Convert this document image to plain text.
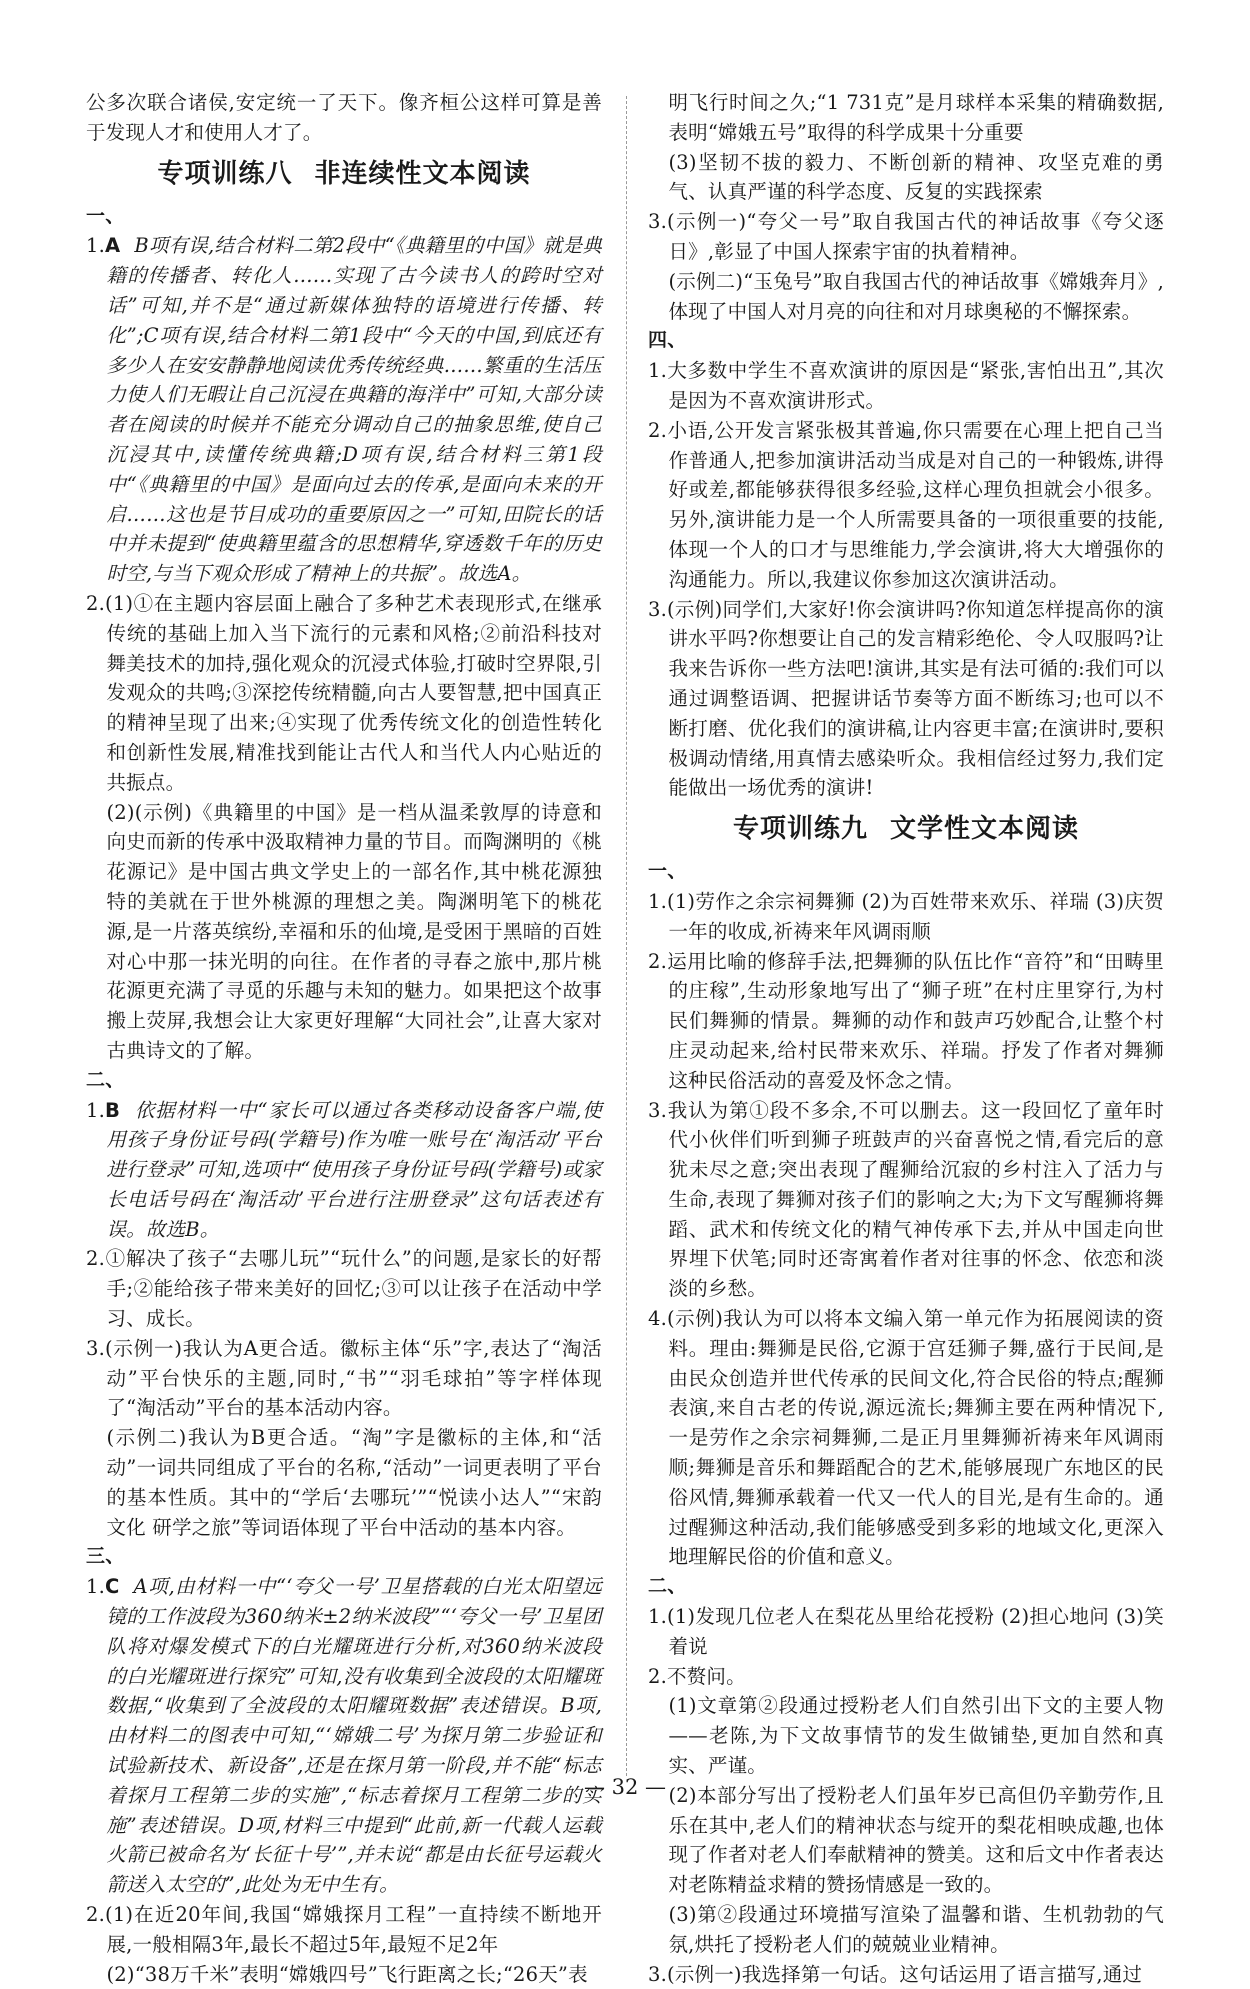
公多次联合诸侯,安定统一了天下。像齐桓公这样可算是善于发现人才和使用人才了。

专项训练八 非连续性文本阅读

一、

1.A B项有误,结合材料二第2段中“《典籍里的中国》就是典籍的传播者、转化人……实现了古今读书人的跨时空对话”可知,并不是“通过新媒体独特的语境进行传播、转化”;C项有误,结合材料二第1段中“今天的中国,到底还有多少人在安安静静地阅读优秀传统经典……繁重的生活压力使人们无暇让自己沉浸在典籍的海洋中”可知,大部分读者在阅读的时候并不能充分调动自己的抽象思维,使自己沉浸其中,读懂传统典籍;D项有误,结合材料三第1段中“《典籍里的中国》是面向过去的传承,是面向未来的开启……这也是节目成功的重要原因之一”可知,田院长的话中并未提到“使典籍里蕴含的思想精华,穿透数千年的历史时空,与当下观众形成了精神上的共振”。故选A。

2.(1)①在主题内容层面上融合了多种艺术表现形式,在继承传统的基础上加入当下流行的元素和风格;②前沿科技对舞美技术的加持,强化观众的沉浸式体验,打破时空界限,引发观众的共鸣;③深挖传统精髓,向古人要智慧,把中国真正的精神呈现了出来;④实现了优秀传统文化的创造性转化和创新性发展,精准找到能让古代人和当代人内心贴近的共振点。

(2)(示例)《典籍里的中国》是一档从温柔敦厚的诗意和向史而新的传承中汲取精神力量的节目。而陶渊明的《桃花源记》是中国古典文学史上的一部名作,其中桃花源独特的美就在于世外桃源的理想之美。陶渊明笔下的桃花源,是一片落英缤纷,幸福和乐的仙境,是受困于黑暗的百姓对心中那一抹光明的向往。在作者的寻春之旅中,那片桃花源更充满了寻觅的乐趣与未知的魅力。如果把这个故事搬上荧屏,我想会让大家更好理解“大同社会”,让喜大家对古典诗文的了解。

二、

1.B 依据材料一中“家长可以通过各类移动设备客户端,使用孩子身份证号码(学籍号)作为唯一账号在‘淘活动’平台进行登录”可知,选项中“使用孩子身份证号码(学籍号)或家长电话号码在‘淘活动’平台进行注册登录”这句话表述有误。故选B。

2.①解决了孩子“去哪儿玩”“玩什么”的问题,是家长的好帮手;②能给孩子带来美好的回忆;③可以让孩子在活动中学习、成长。

3.(示例一)我认为A更合适。徽标主体“乐”字,表达了“淘活动”平台快乐的主题,同时,“书”“羽毛球拍”等字样体现了“淘活动”平台的基本活动内容。

(示例二)我认为B更合适。“淘”字是徽标的主体,和“活动”一词共同组成了平台的名称,“活动”一词更表明了平台的基本性质。其中的“学后‘去哪玩’”“悦读小达人”“宋韵文化 研学之旅”等词语体现了平台中活动的基本内容。

三、

1.C A项,由材料一中“‘夸父一号’卫星搭载的白光太阳望远镜的工作波段为360纳米±2纳米波段”“‘夸父一号’卫星团队将对爆发模式下的白光耀斑进行分析,对360纳米波段的白光耀斑进行探究”可知,没有收集到全波段的太阳耀斑数据,“收集到了全波段的太阳耀斑数据”表述错误。B项,由材料二的图表中可知,“‘嫦娥二号’为探月第二步验证和试验新技术、新设备”,还是在探月第一阶段,并不能“标志着探月工程第二步的实施”,“标志着探月工程第二步的实施”表述错误。D项,材料三中提到“此前,新一代载人运载火箭已被命名为‘长征十号’”,并未说“都是由长征号运载火箭送入太空的”,此处为无中生有。

2.(1)在近20年间,我国“嫦娥探月工程”一直持续不断地开展,一般相隔3年,最长不超过5年,最短不足2年

(2)“38万千米”表明“嫦娥四号”飞行距离之长;“26天”表

明飞行时间之久;“1 731克”是月球样本采集的精确数据,表明“嫦娥五号”取得的科学成果十分重要

(3)坚韧不拔的毅力、不断创新的精神、攻坚克难的勇气、认真严谨的科学态度、反复的实践探索

3.(示例一)“夸父一号”取自我国古代的神话故事《夸父逐日》,彰显了中国人探索宇宙的执着精神。

(示例二)“玉兔号”取自我国古代的神话故事《嫦娥奔月》,体现了中国人对月亮的向往和对月球奥秘的不懈探索。

四、

1.大多数中学生不喜欢演讲的原因是“紧张,害怕出丑”,其次是因为不喜欢演讲形式。

2.小语,公开发言紧张极其普遍,你只需要在心理上把自己当作普通人,把参加演讲活动当成是对自己的一种锻炼,讲得好或差,都能够获得很多经验,这样心理负担就会小很多。另外,演讲能力是一个人所需要具备的一项很重要的技能,体现一个人的口才与思维能力,学会演讲,将大大增强你的沟通能力。所以,我建议你参加这次演讲活动。

3.(示例)同学们,大家好!你会演讲吗?你知道怎样提高你的演讲水平吗?你想要让自己的发言精彩绝伦、令人叹服吗?让我来告诉你一些方法吧!演讲,其实是有法可循的:我们可以通过调整语调、把握讲话节奏等方面不断练习;也可以不断打磨、优化我们的演讲稿,让内容更丰富;在演讲时,要积极调动情绪,用真情去感染听众。我相信经过努力,我们定能做出一场优秀的演讲!

专项训练九 文学性文本阅读

一、

1.(1)劳作之余宗祠舞狮 (2)为百姓带来欢乐、祥瑞 (3)庆贺一年的收成,祈祷来年风调雨顺

2.运用比喻的修辞手法,把舞狮的队伍比作“音符”和“田畴里的庄稼”,生动形象地写出了“狮子班”在村庄里穿行,为村民们舞狮的情景。舞狮的动作和鼓声巧妙配合,让整个村庄灵动起来,给村民带来欢乐、祥瑞。抒发了作者对舞狮这种民俗活动的喜爱及怀念之情。

3.我认为第①段不多余,不可以删去。这一段回忆了童年时代小伙伴们听到狮子班鼓声的兴奋喜悦之情,看完后的意犹未尽之意;突出表现了醒狮给沉寂的乡村注入了活力与生命,表现了舞狮对孩子们的影响之大;为下文写醒狮将舞蹈、武术和传统文化的精气神传承下去,并从中国走向世界埋下伏笔;同时还寄寓着作者对往事的怀念、依恋和淡淡的乡愁。

4.(示例)我认为可以将本文编入第一单元作为拓展阅读的资料。理由:舞狮是民俗,它源于宫廷狮子舞,盛行于民间,是由民众创造并世代传承的民间文化,符合民俗的特点;醒狮表演,来自古老的传说,源远流长;舞狮主要在两种情况下,一是劳作之余宗祠舞狮,二是正月里舞狮祈祷来年风调雨顺;舞狮是音乐和舞蹈配合的艺术,能够展现广东地区的民俗风情,舞狮承载着一代又一代人的目光,是有生命的。通过醒狮这种活动,我们能够感受到多彩的地域文化,更深入地理解民俗的价值和意义。

二、

1.(1)发现几位老人在梨花丛里给花授粉 (2)担心地问 (3)笑着说

2.不赘问。

(1)文章第②段通过授粉老人们自然引出下文的主要人物——老陈,为下文故事情节的发生做铺垫,更加自然和真实、严谨。

(2)本部分写出了授粉老人们虽年岁已高但仍辛勤劳作,且乐在其中,老人们的精神状态与绽开的梨花相映成趣,也体现了作者对老人们奉献精神的赞美。这和后文中作者表达对老陈精益求精的赞扬情感是一致的。

(3)第②段通过环境描写渲染了温馨和谐、生机勃勃的气氛,烘托了授粉老人们的兢兢业业精神。

3.(示例一)我选择第一句话。这句话运用了语言描写,通过

— 32 —
